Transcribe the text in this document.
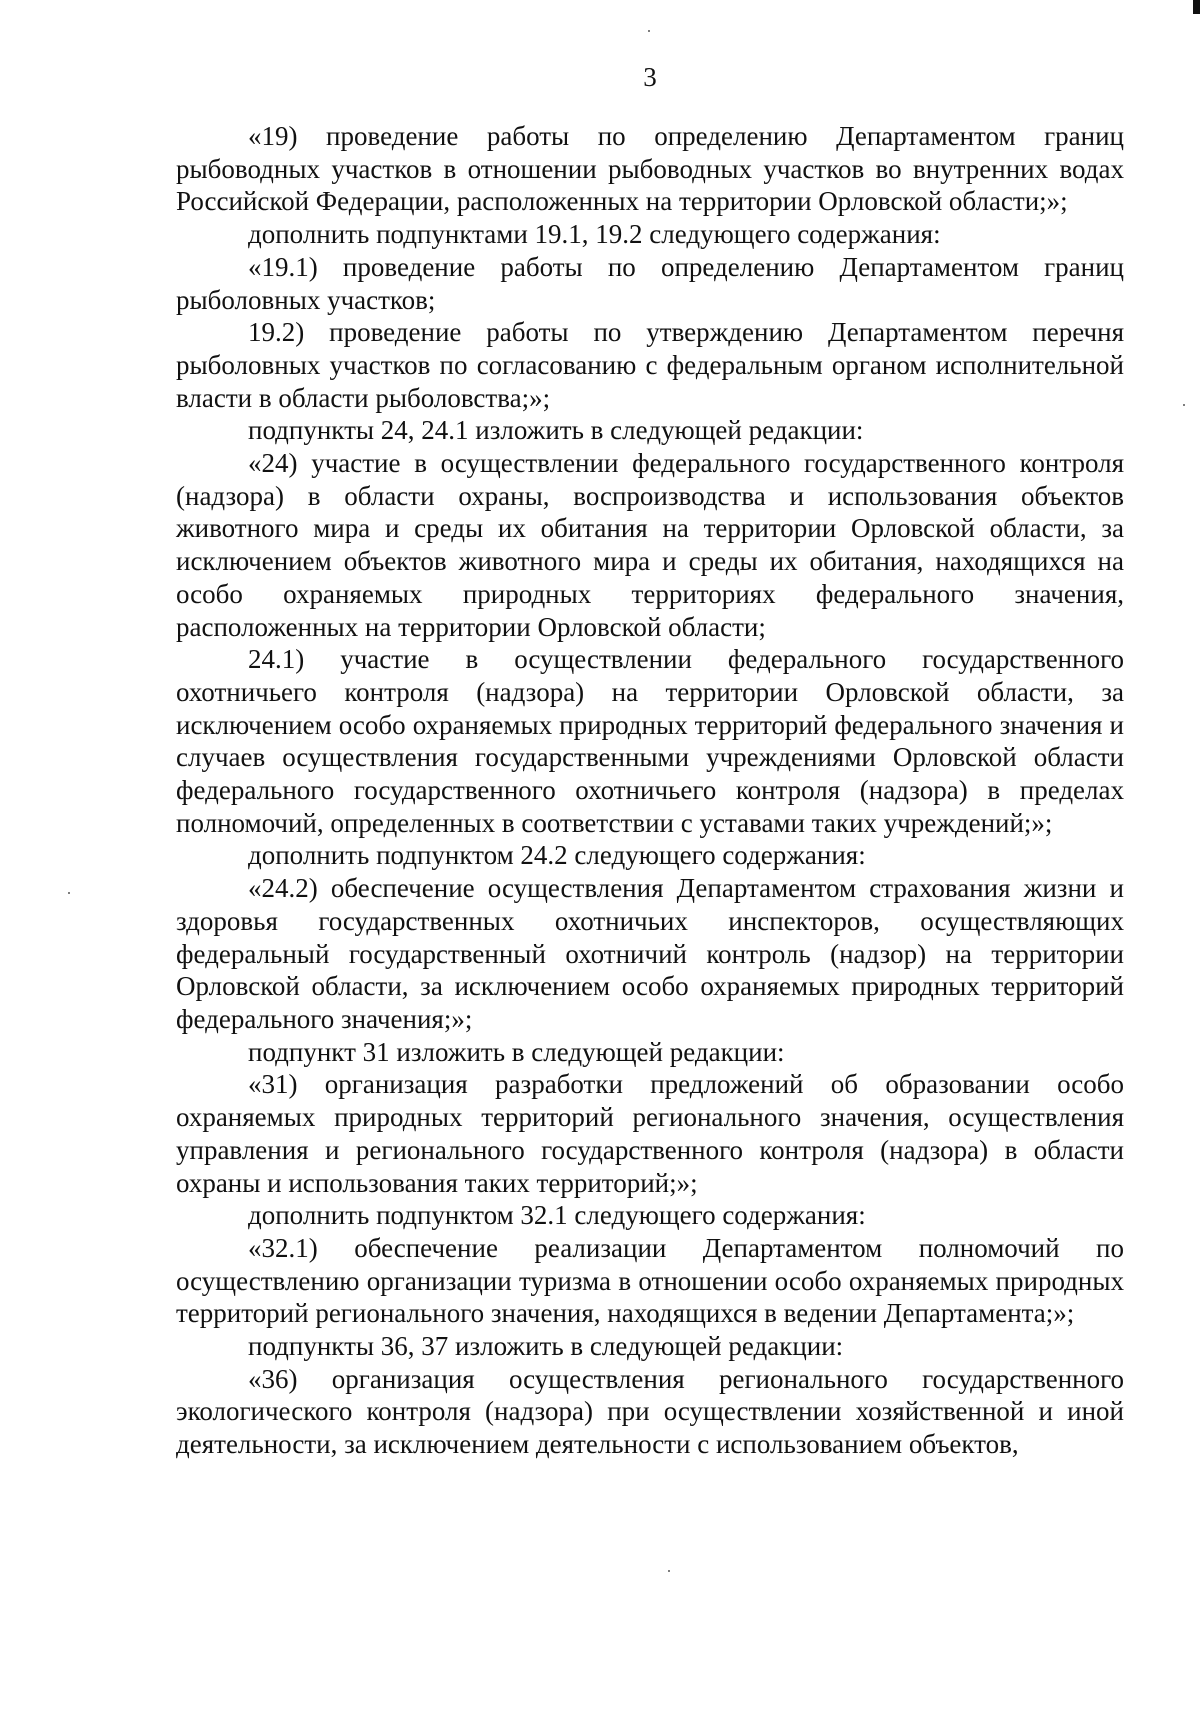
3

«19) проведение работы по определению Департаментом границ рыбоводных участков в отношении рыбоводных участков во внутренних водах Российской Федерации, расположенных на территории Орловской области;»;

дополнить подпунктами 19.1, 19.2 следующего содержания:

«19.1) проведение работы по определению Департаментом границ рыболовных участков;

19.2) проведение работы по утверждению Департаментом перечня рыболовных участков по согласованию с федеральным органом исполнительной власти в области рыболовства;»;

подпункты 24, 24.1 изложить в следующей редакции:

«24) участие в осуществлении федерального государственного контроля (надзора) в области охраны, воспроизводства и использования объектов животного мира и среды их обитания на территории Орловской области, за исключением объектов животного мира и среды их обитания, находящихся на особо охраняемых природных территориях федерального значения, расположенных на территории Орловской области;

24.1) участие в осуществлении федерального государственного охотничьего контроля (надзора) на территории Орловской области, за исключением особо охраняемых природных территорий федерального значения и случаев осуществления государственными учреждениями Орловской области федерального государственного охотничьего контроля (надзора) в пределах полномочий, определенных в соответствии с уставами таких учреждений;»;

дополнить подпунктом 24.2 следующего содержания:

«24.2) обеспечение осуществления Департаментом страхования жизни и здоровья государственных охотничьих инспекторов, осуществляющих федеральный государственный охотничий контроль (надзор) на территории Орловской области, за исключением особо охраняемых природных территорий федерального значения;»;

подпункт 31 изложить в следующей редакции:

«31) организация разработки предложений об образовании особо охраняемых природных территорий регионального значения, осуществления управления и регионального государственного контроля (надзора) в области охраны и использования таких территорий;»;

дополнить подпунктом 32.1 следующего содержания:

«32.1) обеспечение реализации Департаментом полномочий по осуществлению организации туризма в отношении особо охраняемых природных территорий регионального значения, находящихся в ведении Департамента;»;

подпункты 36, 37 изложить в следующей редакции:

«36) организация осуществления регионального государственного экологического контроля (надзора) при осуществлении хозяйственной и иной деятельности, за исключением деятельности с использованием объектов,
